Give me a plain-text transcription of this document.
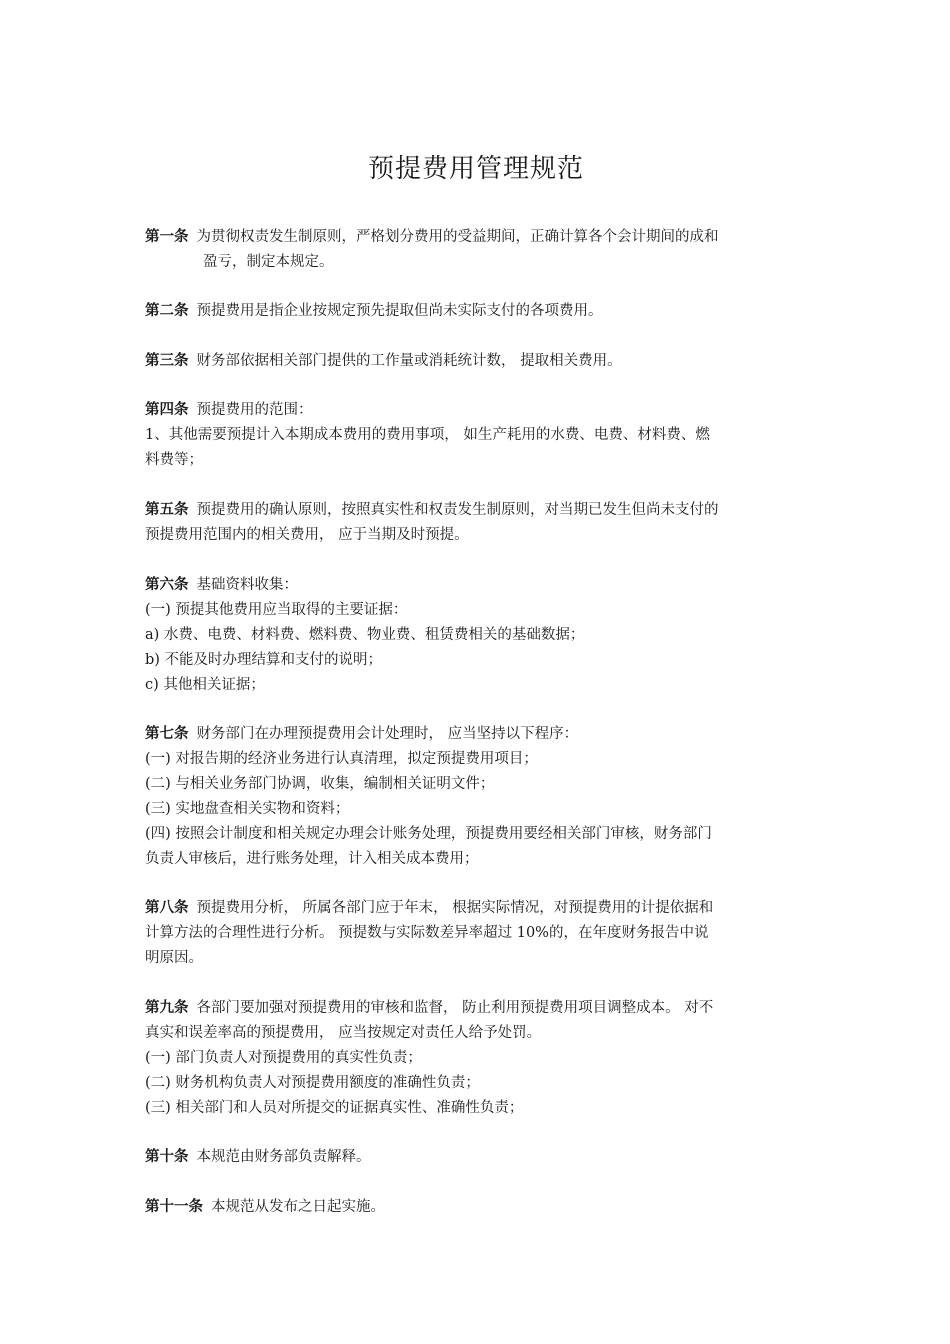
预提费用管理规范
第一条 为贯彻权责发生制原则，严格划分费用的受益期间，正确计算各个会计期间的成和
盈亏，制定本规定。
第二条 预提费用是指企业按规定预先提取但尚未实际支付的各项费用。
第三条 财务部依据相关部门提供的工作量或消耗统计数， 提取相关费用。
第四条 预提费用的范围：
1、其他需要预提计入本期成本费用的费用事项， 如生产耗用的水费、电费、材料费、燃
料费等；
第五条 预提费用的确认原则，按照真实性和权责发生制原则，对当期已发生但尚未支付的
预提费用范围内的相关费用， 应于当期及时预提。
第六条 基础资料收集：
(一) 预提其他费用应当取得的主要证据：
a) 水费、电费、材料费、燃料费、物业费、租赁费相关的基础数据；
b) 不能及时办理结算和支付的说明；
c) 其他相关证据；
第七条 财务部门在办理预提费用会计处理时， 应当坚持以下程序：
(一) 对报告期的经济业务进行认真清理，拟定预提费用项目；
(二) 与相关业务部门协调，收集，编制相关证明文件；
(三) 实地盘查相关实物和资料；
(四) 按照会计制度和相关规定办理会计账务处理，预提费用要经相关部门审核，财务部门
负责人审核后，进行账务处理，计入相关成本费用；
第八条 预提费用分析， 所属各部门应于年末， 根据实际情况，对预提费用的计提依据和
计算方法的合理性进行分析。 预提数与实际数差异率超过 10%的，在年度财务报告中说
明原因。
第九条 各部门要加强对预提费用的审核和监督， 防止利用预提费用项目调整成本。 对不
真实和误差率高的预提费用， 应当按规定对责任人给予处罚。
(一) 部门负责人对预提费用的真实性负责；
(二) 财务机构负责人对预提费用额度的准确性负责；
(三) 相关部门和人员对所提交的证据真实性、准确性负责；
第十条 本规范由财务部负责解释。
第十一条 本规范从发布之日起实施。
